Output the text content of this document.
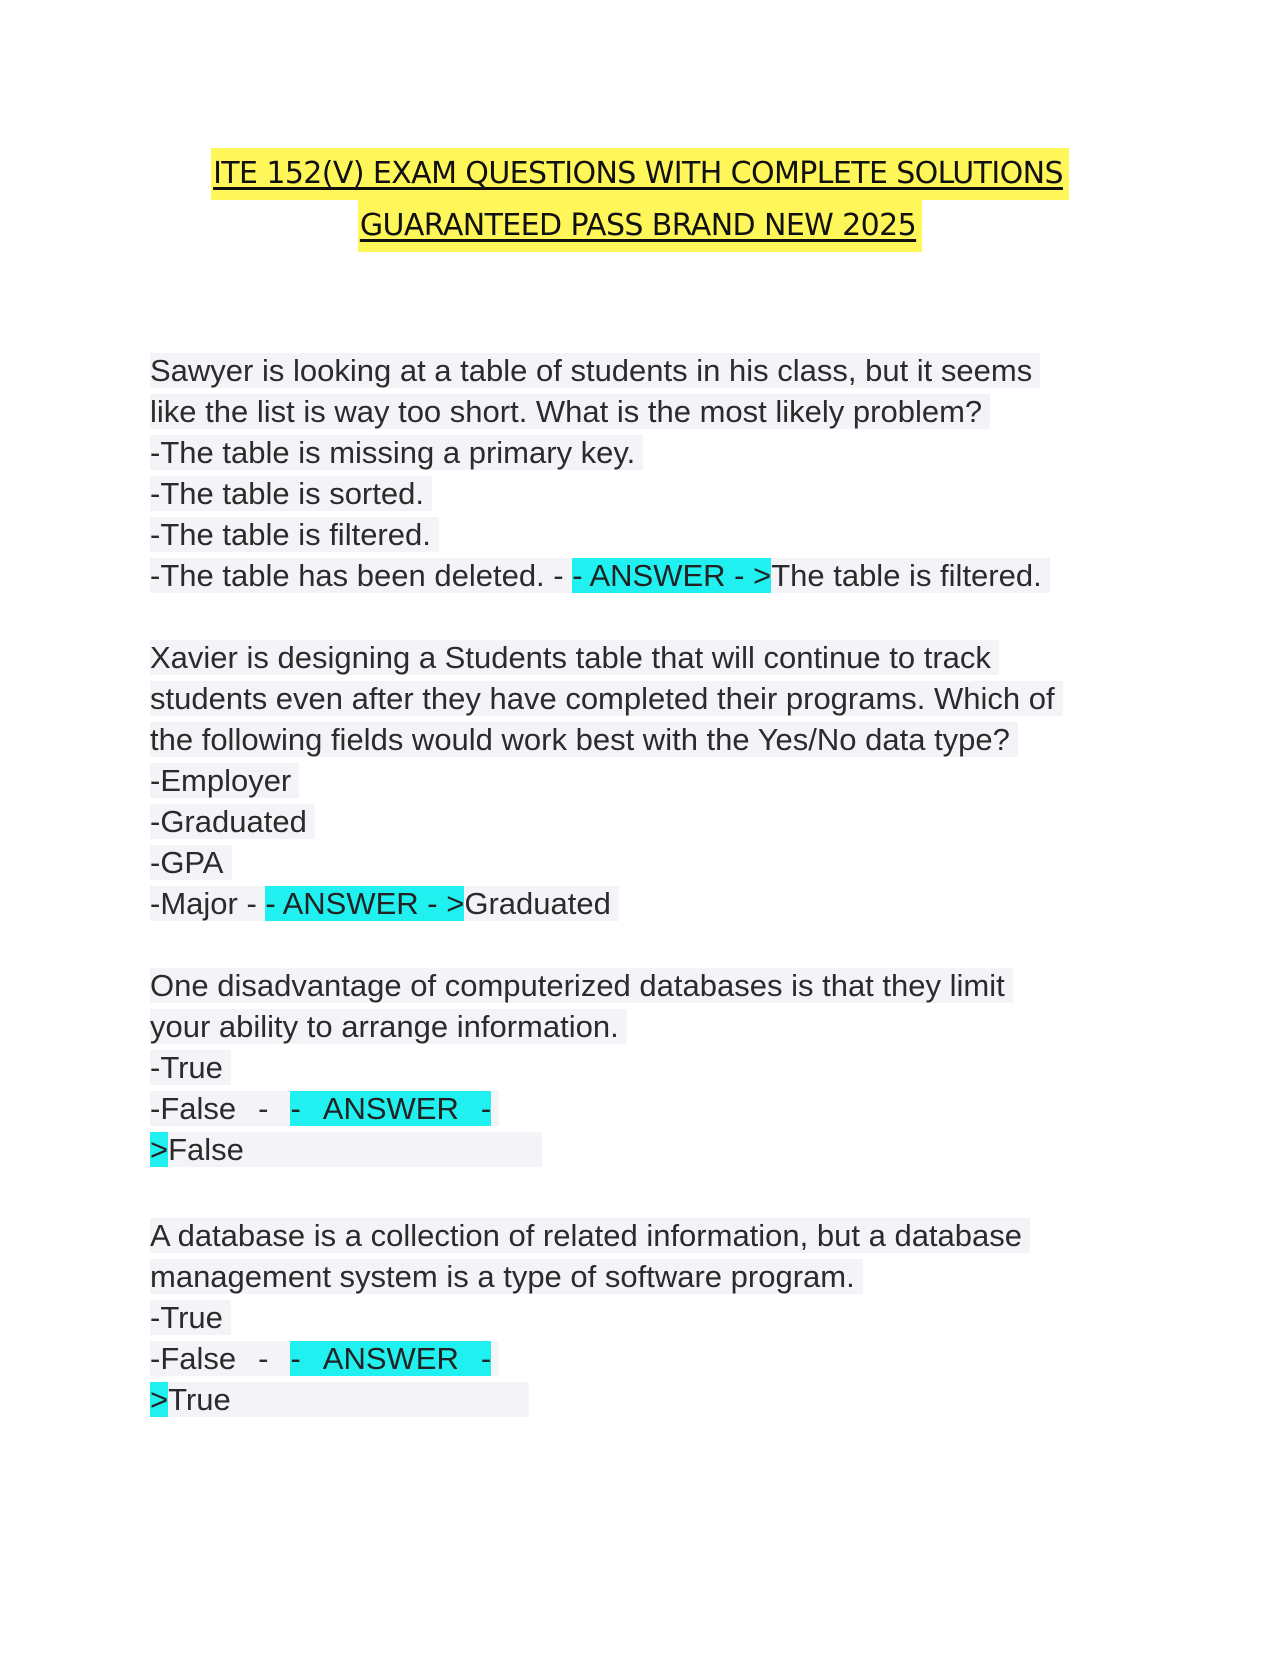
ITE 152(V) EXAM QUESTIONS WITH COMPLETE SOLUTIONS
GUARANTEED PASS BRAND NEW 2025
Sawyer is looking at a table of students in his class, but it seems
like the list is way too short. What is the most likely problem?
-The table is missing a primary key.
-The table is sorted.
-The table is filtered.
-The table has been deleted. - - ANSWER - >The table is filtered.
Xavier is designing a Students table that will continue to track
students even after they have completed their programs. Which of
the following fields would work best with the Yes/No data type?
-Employer
-Graduated
-GPA
-Major - - ANSWER - >Graduated
One disadvantage of computerized databases is that they limit
your ability to arrange information.
-True
-False - - ANSWER -
>False
A database is a collection of related information, but a database
management system is a type of software program.
-True
-False - - ANSWER -
>True
